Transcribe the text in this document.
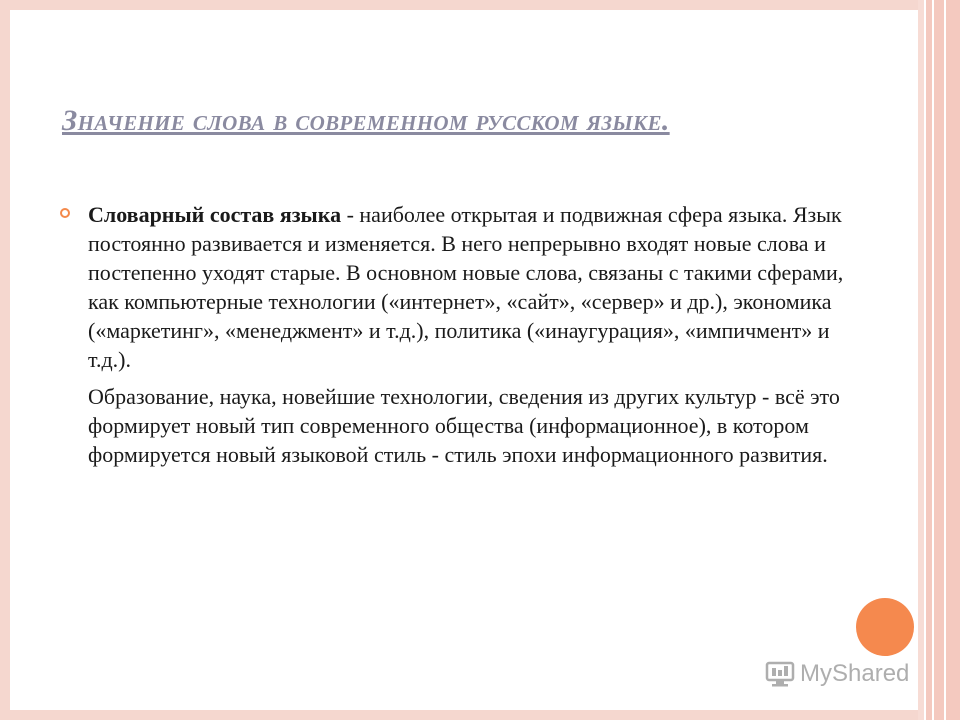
Значение слова в современном русском языке.
Словарный состав языка - наиболее открытая и подвижная сфера языка. Язык постоянно развивается и изменяется. В него непрерывно входят новые слова и постепенно уходят старые. В основном новые слова, связаны с такими сферами, как компьютерные технологии («интернет», «сайт», «сервер» и др.), экономика («маркетинг», «менеджмент» и т.д.), политика («инаугурация», «импичмент» и т.д.).
Образование, наука, новейшие технологии, сведения из других культур - всё это формирует новый тип современного общества (информационное), в котором формируется новый языковой стиль - стиль эпохи информационного развития.
MyShared
